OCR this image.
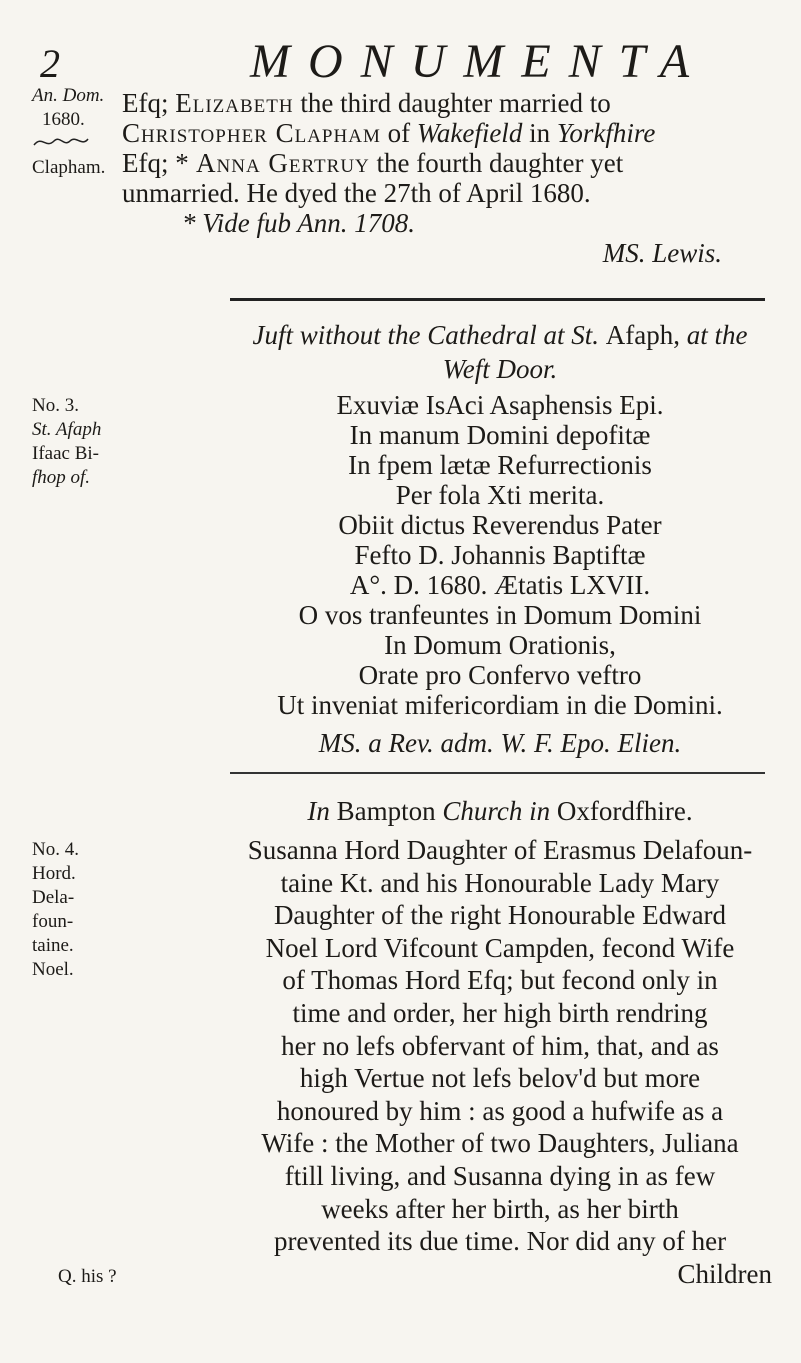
2	MONUMENTA
An. Dom.
1680.
Clapham.
Efq; Elizabeth the third daughter married to
Christopher Clapham of Wakefield in Yorkfhire
Efq; * Anna Gertruy the fourth daughter yet
unmarried. He dyed the 27th of April 1680.
* Vide fub Ann. 1708.
MS. Lewis.
Juft without the Cathedral at St. Afaph, at the
Weft Door.
No. 3.
St. Afaph
Ifaac Bi-
fhop of.
Exuviæ IsAci Asaphensis Epi.
In manum Domini depofitæ
In fpem lætæ Refurrectionis
Per fola Xti merita.
Obiit dictus Reverendus Pater
Fefto D. Johannis Baptiftæ
A°. D. 1680. Ætatis LXVII.
O vos tranfeuntes in Domum Domini
In Domum Orationis,
Orate pro Confervo veftro
Ut inveniat mifericordiam in die Domini.
MS. a Rev. adm. W. F. Epo. Elien.
In Bampton Church in Oxfordfhire.
No. 4.
Hord.
Dela-
foun-
taine.
Noel.
Susanna Hord Daughter of Erasmus Delafoun-
taine Kt. and his Honourable Lady Mary
Daughter of the right Honourable Edward
Noel Lord Vifcount Campden, fecond Wife
of Thomas Hord Efq; but fecond only in
time and order, her high birth rendring
her no lefs obfervant of him, that, and as
high Vertue not lefs belov'd but more
honoured by him : as good a hufwife as a
Wife : the Mother of two Daughters, Juliana
ftill living, and Susanna dying in as few
weeks after her birth, as her birth
prevented its due time. Nor did any of her
Children
Q. his ?
